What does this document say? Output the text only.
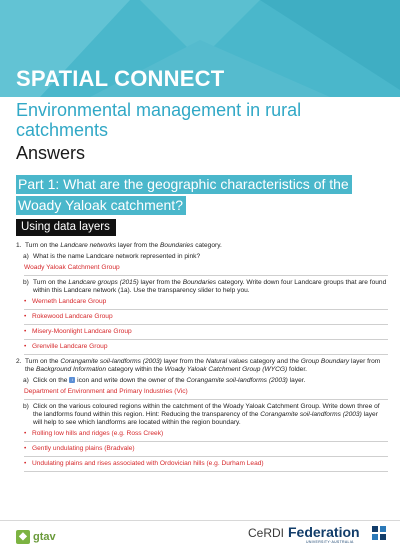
SPATIAL CONNECT
Environmental management in rural catchments
Answers
Part 1: What are the geographic characteristics of the Woady Yaloak catchment?
Using data layers
1. Turn on the Landcare networks layer from the Boundaries category.
a) What is the name Landcare network represented in pink?
Woady Yaloak Catchment Group
b) Turn on the Landcare groups (2015) layer from the Boundaries category. Write down four Landcare groups that are found within this Landcare network (1a). Use the transparency slider to help you.
• Werneth Landcare Group
• Rokewood Landcare Group
• Misery-Moonlight Landcare Group
• Grenville Landcare Group
2. Turn on the Corangamite soil-landforms (2003) layer from the Natural values category and the Group Boundary layer from the Background Information category within the Woady Yaloak Catchment Group (WYCG) folder.
a) Click on the i icon and write down the owner of the Corangamite soil-landforms (2003) layer.
Department of Environment and Primary Industries (Vic)
b) Click on the various coloured regions within the catchment of the Woady Yaloak Catchment Group. Write down three of the landforms found within this region. Hint: Reducing the transparency of the Corangamite soil-landforms (2003) layer will help to see which landforms are located within the region boundary.
• Rolling low hills and ridges (e.g. Ross Creek)
• Gently undulating plains (Bradvale)
• Undulating plains and rises associated with Ordovician hills (e.g. Durham Lead)
◆ gtav	CeRDI Federation
UNIVERSITY·AUSTRALIA
